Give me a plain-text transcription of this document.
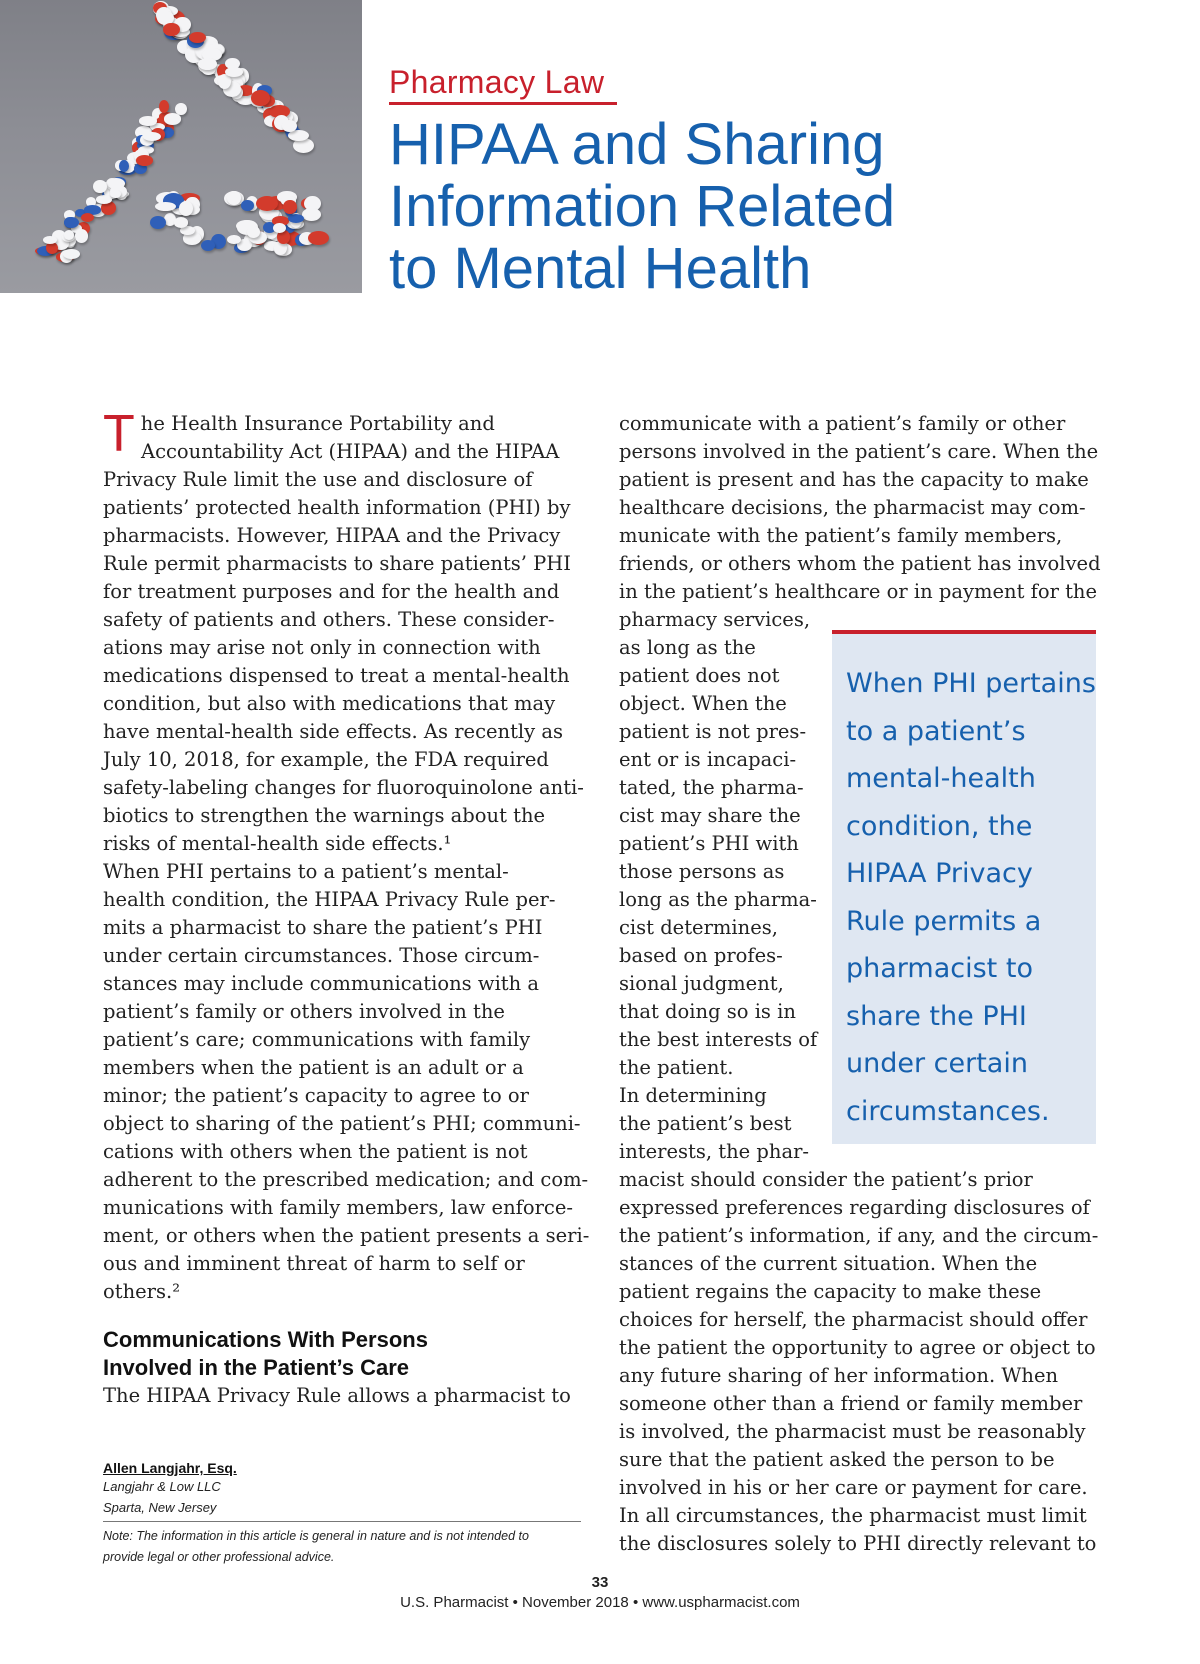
Pharmacy Law
HIPAA and Sharing
Information Related
to Mental Health
T he Health Insurance Portability and
Accountability Act (HIPAA) and the HIPAA
Privacy Rule limit the use and disclosure of
patients’ protected health information (PHI) by
pharmacists. However, HIPAA and the Privacy
Rule permit pharmacists to share patients’ PHI
for treatment purposes and for the health and
safety of patients and others. These consider-
ations may arise not only in connection with
medications dispensed to treat a mental-health
condition, but also with medications that may
have mental-health side effects. As recently as
July 10, 2018, for example, the FDA required
safety-labeling changes for fluoroquinolone anti-
biotics to strengthen the warnings about the
risks of mental-health side effects.¹
When PHI pertains to a patient’s mental-
health condition, the HIPAA Privacy Rule per-
mits a pharmacist to share the patient’s PHI
under certain circumstances. Those circum-
stances may include communications with a
patient’s family or others involved in the
patient’s care; communications with family
members when the patient is an adult or a
minor; the patient’s capacity to agree to or
object to sharing of the patient’s PHI; communi-
cations with others when the patient is not
adherent to the prescribed medication; and com-
munications with family members, law enforce-
ment, or others when the patient presents a seri-
ous and imminent threat of harm to self or
others.²
Communications With Persons
Involved in the Patient’s Care
The HIPAA Privacy Rule allows a pharmacist to
Allen Langjahr, Esq.
Langjahr & Low LLC
Sparta, New Jersey
Note: The information in this article is general in nature and is not intended to
provide legal or other professional advice.
communicate with a patient’s family or other
persons involved in the patient’s care. When the
patient is present and has the capacity to make
healthcare decisions, the pharmacist may com-
municate with the patient’s family members,
friends, or others whom the patient has involved
in the patient’s healthcare or in payment for the
pharmacy services,
as long as the
patient does not
object. When the
patient is not pres-
ent or is incapaci-
tated, the pharma-
cist may share the
patient’s PHI with
those persons as
long as the pharma-
cist determines,
based on profes-
sional judgment,
that doing so is in
the best interests of
the patient.
In determining
the patient’s best
interests, the phar-
macist should consider the patient’s prior
expressed preferences regarding disclosures of
the patient’s information, if any, and the circum-
stances of the current situation. When the
patient regains the capacity to make these
choices for herself, the pharmacist should offer
the patient the opportunity to agree or object to
any future sharing of her information. When
someone other than a friend or family member
is involved, the pharmacist must be reasonably
sure that the patient asked the person to be
involved in his or her care or payment for care.
In all circumstances, the pharmacist must limit
the disclosures solely to PHI directly relevant to
When PHI pertains
to a patient’s
mental-health
condition, the
HIPAA Privacy
Rule permits a
pharmacist to
share the PHI
under certain
circumstances.
33
U.S. Pharmacist • November 2018 • www.uspharmacist.com
